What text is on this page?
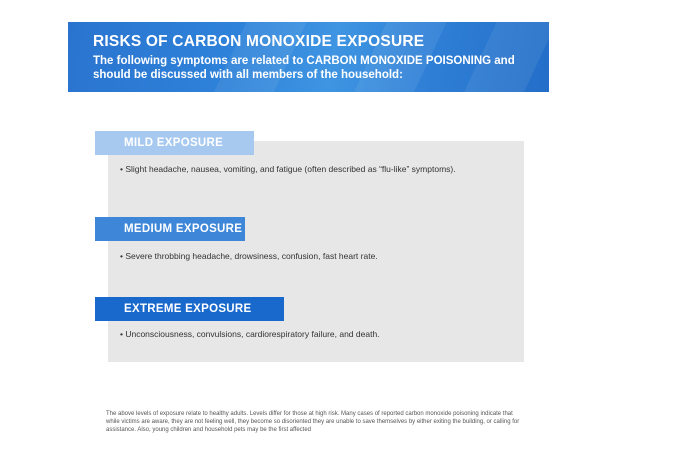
RISKS OF CARBON MONOXIDE EXPOSURE
The following symptoms are related to CARBON MONOXIDE POISONING and should be discussed with all members of the household:
MILD EXPOSURE
• Slight headache, nausea, vomiting, and fatigue (often described as “flu-like” symptoms).
MEDIUM EXPOSURE
• Severe throbbing headache, drowsiness, confusion, fast heart rate.
EXTREME EXPOSURE
• Unconsciousness, convulsions, cardiorespiratory failure, and death.
The above levels of exposure relate to healthy adults. Levels differ for those at high risk. Many cases of reported carbon monoxide poisoning indicate that while victims are aware, they are not feeling well, they become so disoriented they are unable to save themselves by either exiting the building, or calling for assistance. Also, young children and household pets may be the first affected
